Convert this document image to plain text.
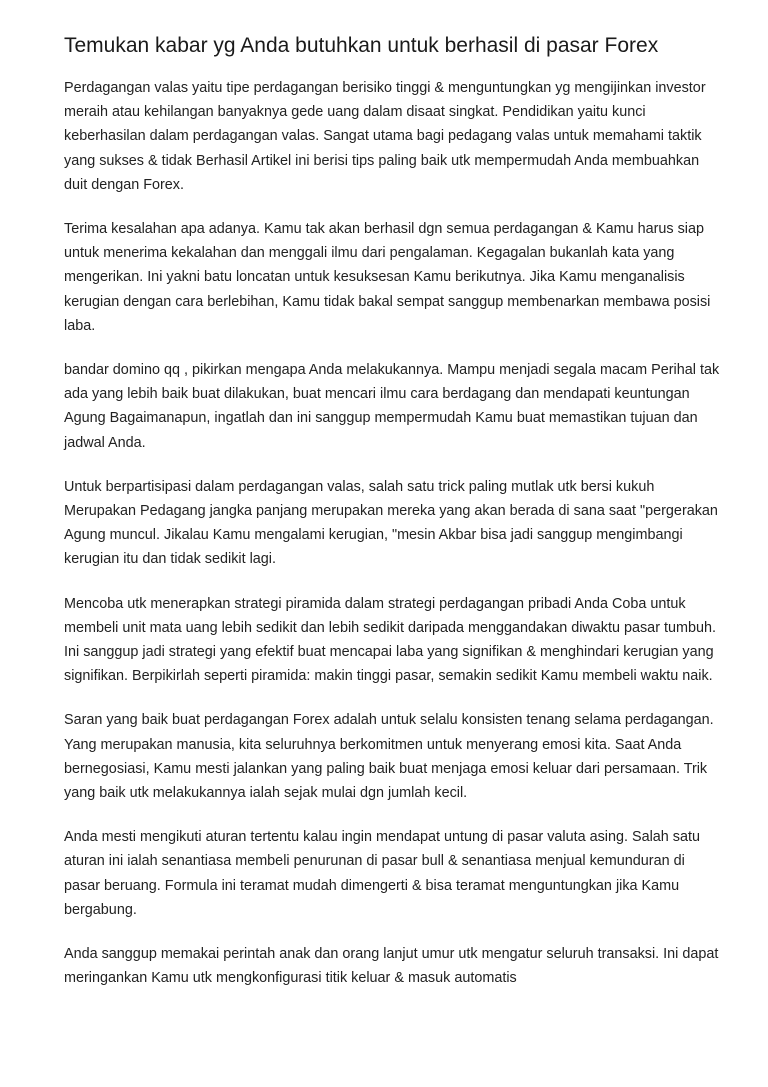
Temukan kabar yg Anda butuhkan untuk berhasil di pasar Forex

Perdagangan valas yaitu tipe perdagangan berisiko tinggi & menguntungkan yg mengijinkan investor meraih atau kehilangan banyaknya gede uang dalam disaat singkat. Pendidikan yaitu kunci keberhasilan dalam perdagangan valas. Sangat utama bagi pedagang valas untuk memahami taktik yang sukses & tidak Berhasil Artikel ini berisi tips paling baik utk mempermudah Anda membuahkan duit dengan Forex.

Terima kesalahan apa adanya. Kamu tak akan berhasil dgn semua perdagangan & Kamu harus siap untuk menerima kekalahan dan menggali ilmu dari pengalaman. Kegagalan bukanlah kata yang mengerikan. Ini yakni batu loncatan untuk kesuksesan Kamu berikutnya. Jika Kamu menganalisis kerugian dengan cara berlebihan, Kamu tidak bakal sempat sanggup membenarkan membawa posisi laba.

bandar domino qq , pikirkan mengapa Anda melakukannya. Mampu menjadi segala macam Perihal tak ada yang lebih baik buat dilakukan, buat mencari ilmu cara berdagang dan mendapati keuntungan Agung Bagaimanapun, ingatlah dan ini sanggup mempermudah Kamu buat memastikan tujuan dan jadwal Anda.

Untuk berpartisipasi dalam perdagangan valas, salah satu trick paling mutlak utk bersi kukuh Merupakan Pedagang jangka panjang merupakan mereka yang akan berada di sana saat "pergerakan Agung muncul. Jikalau Kamu mengalami kerugian, "mesin Akbar bisa jadi sanggup mengimbangi kerugian itu dan tidak sedikit lagi.

Mencoba utk menerapkan strategi piramida dalam strategi perdagangan pribadi Anda Coba untuk membeli unit mata uang lebih sedikit dan lebih sedikit daripada menggandakan diwaktu pasar tumbuh. Ini sanggup jadi strategi yang efektif buat mencapai laba yang signifikan & menghindari kerugian yang signifikan. Berpikirlah seperti piramida: makin tinggi pasar, semakin sedikit Kamu membeli waktu naik.

Saran yang baik buat perdagangan Forex adalah untuk selalu konsisten tenang selama perdagangan. Yang merupakan manusia, kita seluruhnya berkomitmen untuk menyerang emosi kita. Saat Anda bernegosiasi, Kamu mesti jalankan yang paling baik buat menjaga emosi keluar dari persamaan. Trik yang baik utk melakukannya ialah sejak mulai dgn jumlah kecil.

Anda mesti mengikuti aturan tertentu kalau ingin mendapat untung di pasar valuta asing. Salah satu aturan ini ialah senantiasa membeli penurunan di pasar bull & senantiasa menjual kemunduran di pasar beruang. Formula ini teramat mudah dimengerti & bisa teramat menguntungkan jika Kamu bergabung.

Anda sanggup memakai perintah anak dan orang lanjut umur utk mengatur seluruh transaksi. Ini dapat meringankan Kamu utk mengkonfigurasi titik keluar & masuk automatis
